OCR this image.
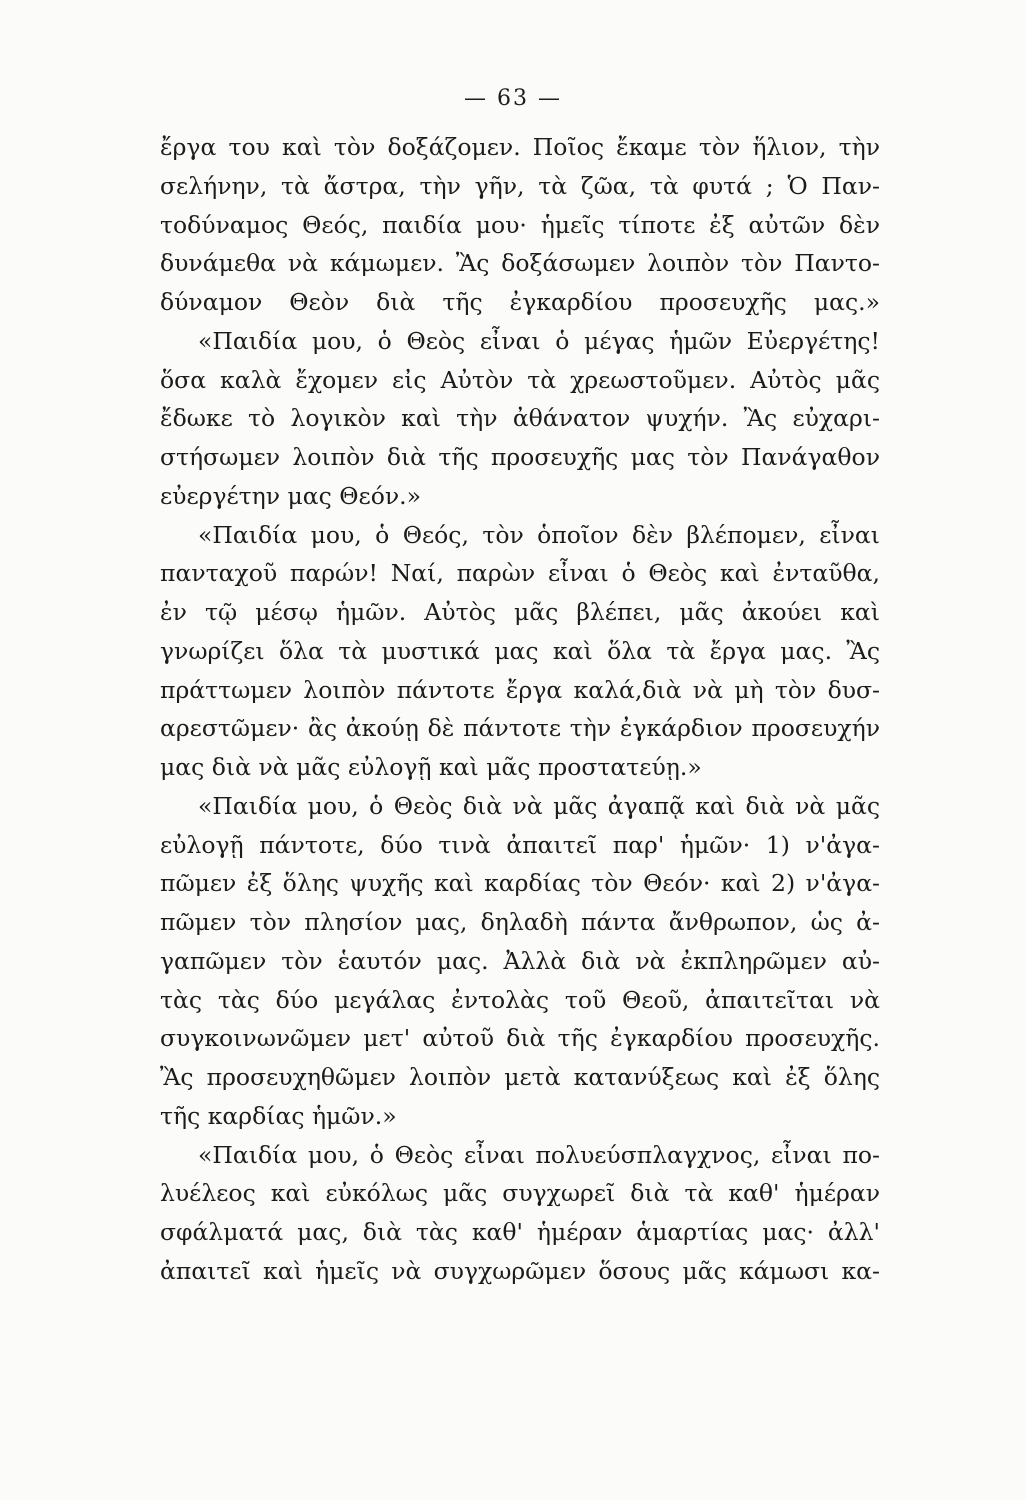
— 63 —
ἔργα του καὶ τὸν δοξάζομεν. Ποῖος ἔκαμε τὸν ἥλιον, τὴν
σελήνην, τὰ ἄστρα, τὴν γῆν, τὰ ζῶα, τὰ φυτά ; Ὁ Παν-
τοδύναμος Θεός, παιδία μου· ἡμεῖς τίποτε ἐξ αὐτῶν δὲν
δυνάμεθα νὰ κάμωμεν. Ἂς δοξάσωμεν λοιπὸν τὸν Παντο-
δύναμον Θεὸν διὰ τῆς ἐγκαρδίου προσευχῆς μας.»
«Παιδία μου, ὁ Θεὸς εἶναι ὁ μέγας ἡμῶν Εὐεργέτης!
ὅσα καλὰ ἔχομεν εἰς Αὐτὸν τὰ χρεωστοῦμεν. Αὐτὸς μᾶς
ἔδωκε τὸ λογικὸν καὶ τὴν ἀθάνατον ψυχήν. Ἂς εὐχαρι-
στήσωμεν λοιπὸν διὰ τῆς προσευχῆς μας τὸν Πανάγαθον
εὐεργέτην μας Θεόν.»
«Παιδία μου, ὁ Θεός, τὸν ὁποῖον δὲν βλέπομεν, εἶναι
πανταχοῦ παρών! Ναί, παρὼν εἶναι ὁ Θεὸς καὶ ἐνταῦθα,
ἐν τῷ μέσῳ ἡμῶν. Αὐτὸς μᾶς βλέπει, μᾶς ἀκούει καὶ
γνωρίζει ὅλα τὰ μυστικά μας καὶ ὅλα τὰ ἔργα μας. Ἂς
πράττωμεν λοιπὸν πάντοτε ἔργα καλά,διὰ νὰ μὴ τὸν δυσ-
αρεστῶμεν· ἂς ἀκούῃ δὲ πάντοτε τὴν ἐγκάρδιον προσευχήν
μας διὰ νὰ μᾶς εὐλογῇ καὶ μᾶς προστατεύῃ.»
«Παιδία μου, ὁ Θεὸς διὰ νὰ μᾶς ἀγαπᾷ καὶ διὰ νὰ μᾶς
εὐλογῇ πάντοτε, δύο τινὰ ἀπαιτεῖ παρ' ἡμῶν· 1) ν'ἀγα-
πῶμεν ἐξ ὅλης ψυχῆς καὶ καρδίας τὸν Θεόν· καὶ 2) ν'ἀγα-
πῶμεν τὸν πλησίον μας, δηλαδὴ πάντα ἄνθρωπον, ὡς ἀ-
γαπῶμεν τὸν ἑαυτόν μας. Ἀλλὰ διὰ νὰ ἐκπληρῶμεν αὐ-
τὰς τὰς δύο μεγάλας ἐντολὰς τοῦ Θεοῦ, ἀπαιτεῖται νὰ
συγκοινωνῶμεν μετ' αὐτοῦ διὰ τῆς ἐγκαρδίου προσευχῆς.
Ἂς προσευχηθῶμεν λοιπὸν μετὰ κατανύξεως καὶ ἐξ ὅλης
τῆς καρδίας ἡμῶν.»
«Παιδία μου, ὁ Θεὸς εἶναι πολυεύσπλαγχνος, εἶναι πο-
λυέλεος καὶ εὐκόλως μᾶς συγχωρεῖ διὰ τὰ καθ' ἡμέραν
σφάλματά μας, διὰ τὰς καθ' ἡμέραν ἁμαρτίας μας· ἀλλ'
ἀπαιτεῖ καὶ ἡμεῖς νὰ συγχωρῶμεν ὅσους μᾶς κάμωσι κα-
